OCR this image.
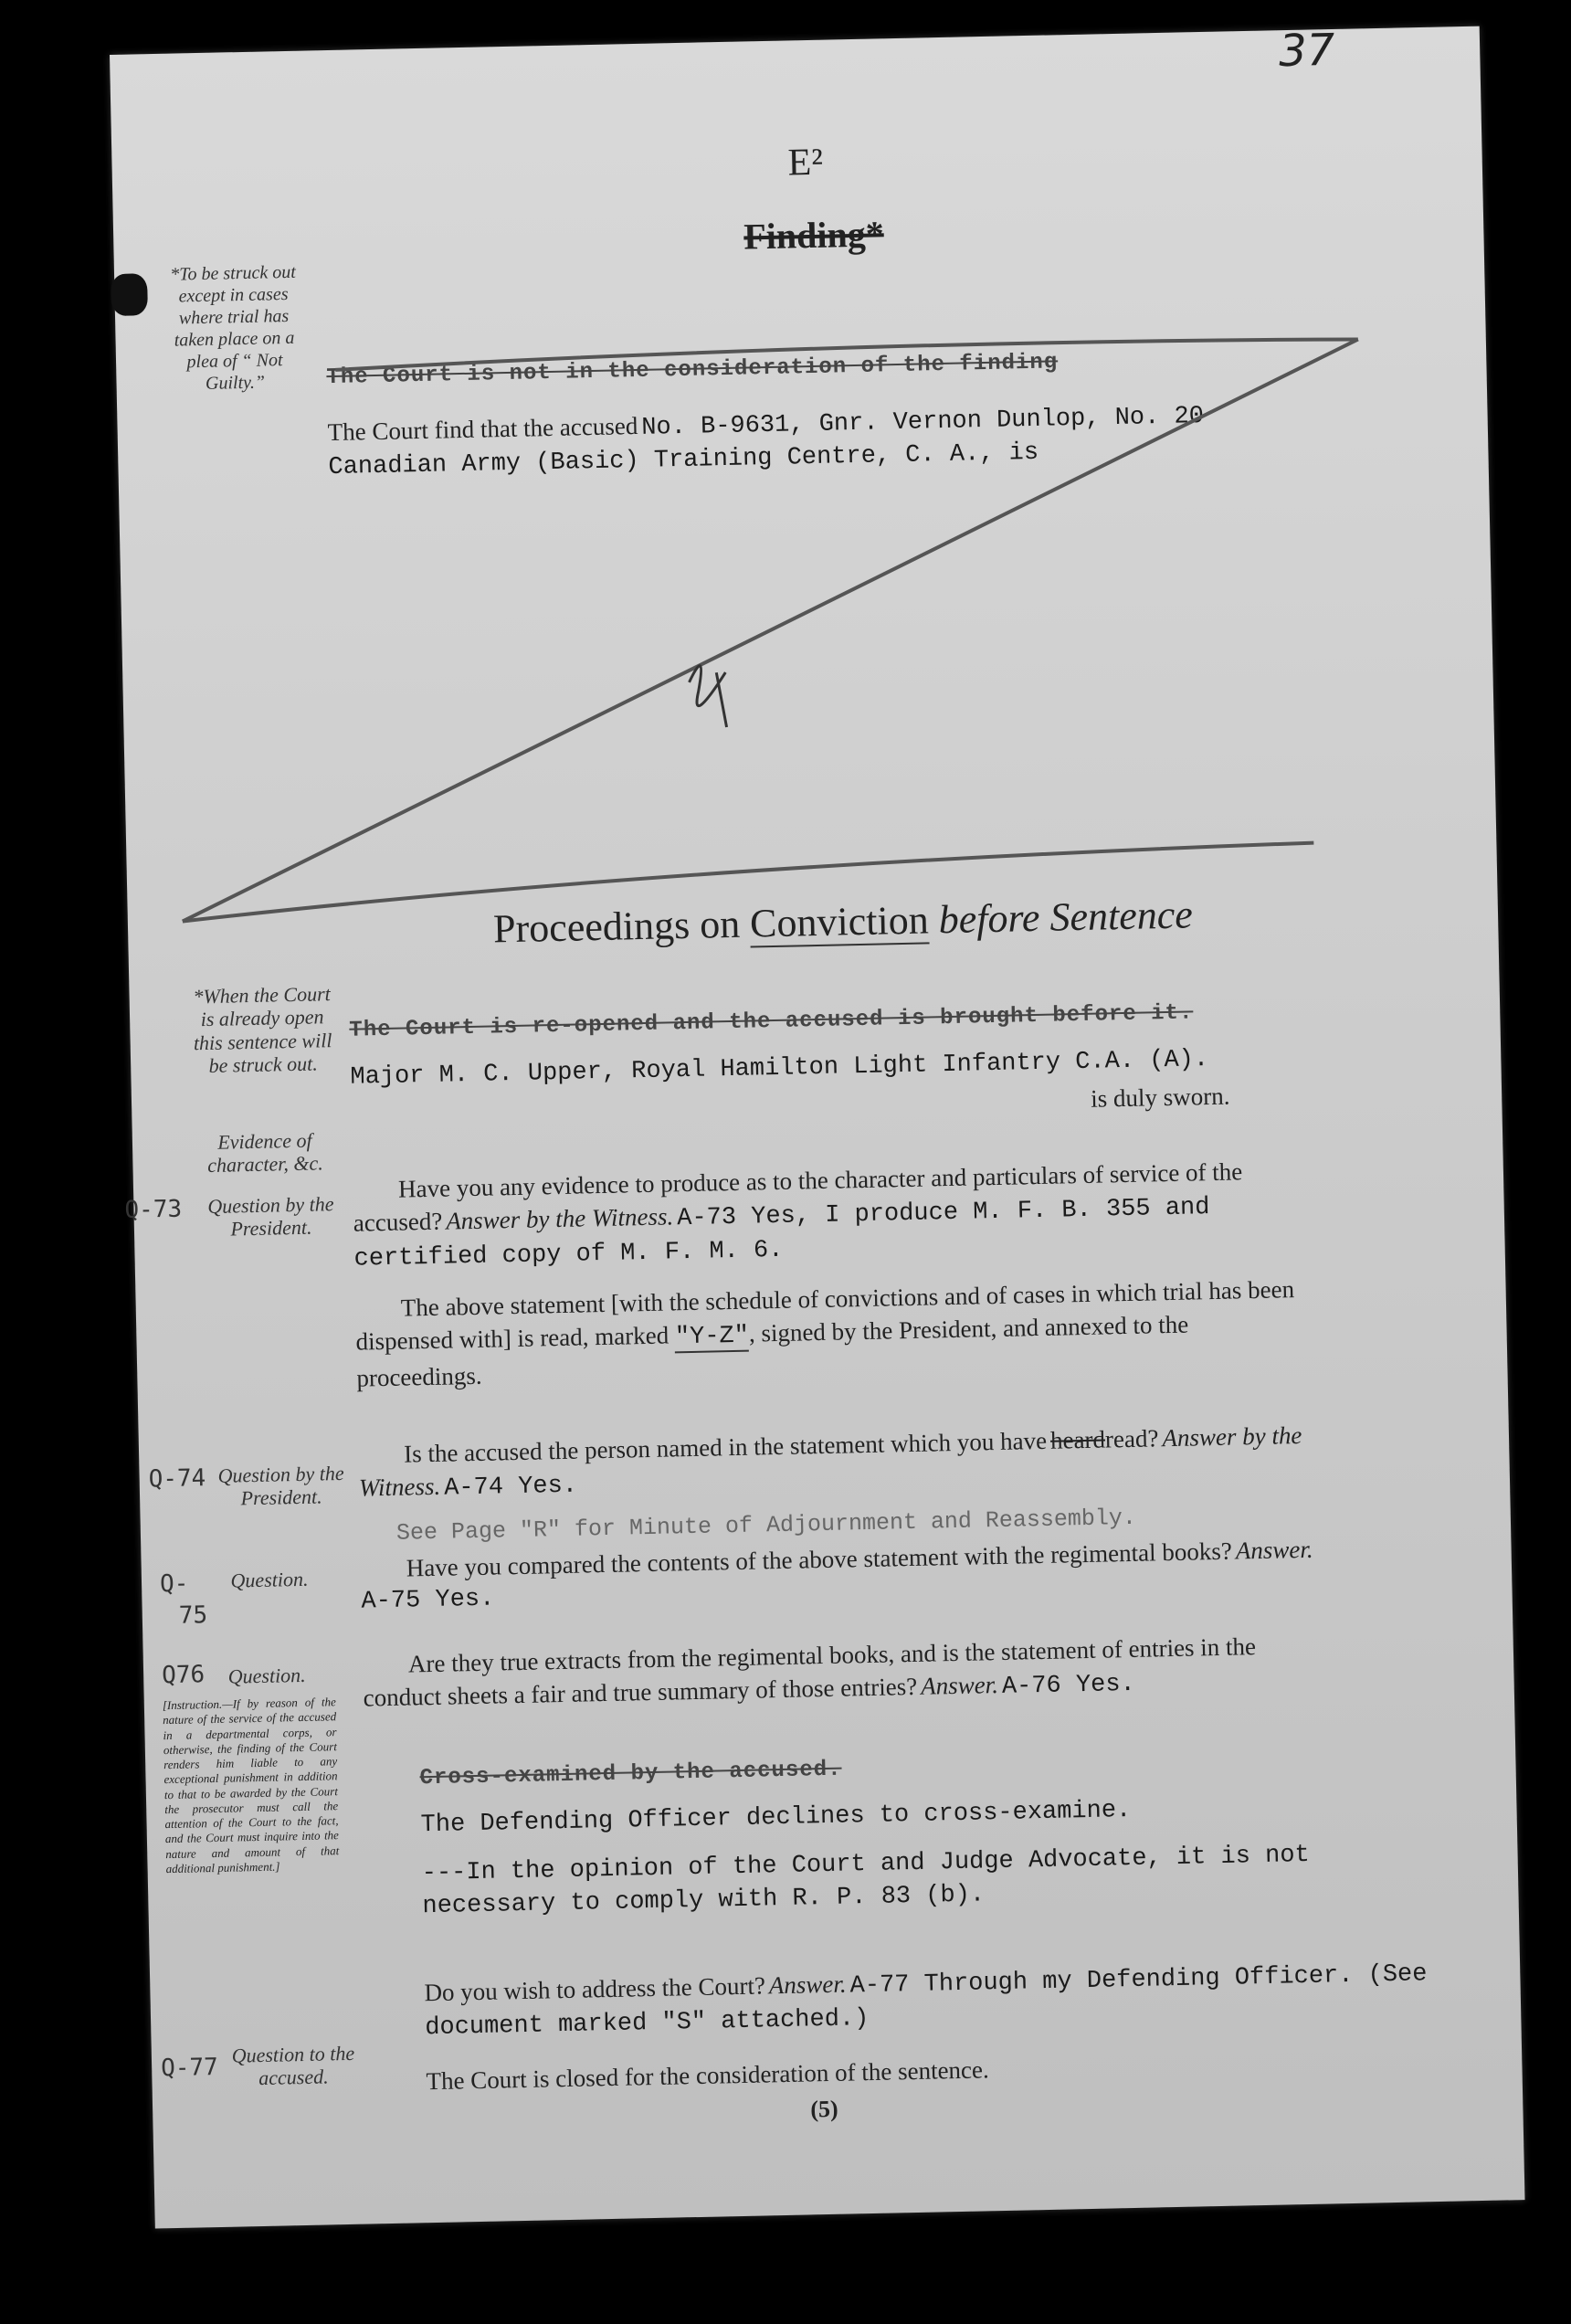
37
E²
Finding*
*To be struck out except in cases where trial has taken place on a plea of “ Not Guilty.”	The Court is not in the consideration of the finding
The Court find that the accused No. B-9631, Gnr. Vernon Dunlop, No. 20 Canadian Army (Basic) Training Centre, C. A., is
Proceedings on Conviction before Sentence
*When the Court is already open this sentence will be struck out.
Evidence of character, &c.
The Court is re-opened and the accused is brought before it.
Major M. C. Upper, Royal Hamilton Light Infantry C.A. (A).
is duly sworn.
Q-73	Question by the President.
Have you any evidence to produce as to the character and particulars of service of the accused? Answer by the Witness. A-73 Yes, I produce M. F. B. 355 and certified copy of M. F. M. 6.
The above statement [with the schedule of convictions and of cases in which trial has been dispensed with] is read, marked "Y-Z", signed by the President, and annexed to the proceedings.
Q-74 Question by the President.
Is the accused the person named in the statement which you have heardread? Answer by the Witness. A-74 Yes.
See Page "R" for Minute of Adjournment and Reassembly.
Q-
75
Question.	Have you compared the contents of the above statement with the regimental books? Answer. A-75 Yes.
Q76	Question.	Are they true extracts from the regimental books, and is the statement of entries in the conduct sheets a fair and true summary of those entries? Answer. A-76 Yes.
Cross-examined by the accused.
The Defending Officer declines to cross-examine.
---In the opinion of the Court and Judge Advocate, it is not necessary to comply with R. P. 83 (b).
[Instruction.—If by reason of the nature of the service of the accused in a departmental corps, or otherwise, the finding of the Court renders him liable to any exceptional punishment in addition to that to be awarded by the Court the prosecutor must call the attention of the Court to the fact, and the Court must inquire into the nature and amount of that additional punishment.]
Q-77 Question to the accused.
Do you wish to address the Court? Answer. A-77 Through my Defending Officer. (See document marked "S" attached.)
The Court is closed for the consideration of the sentence.
(5)
